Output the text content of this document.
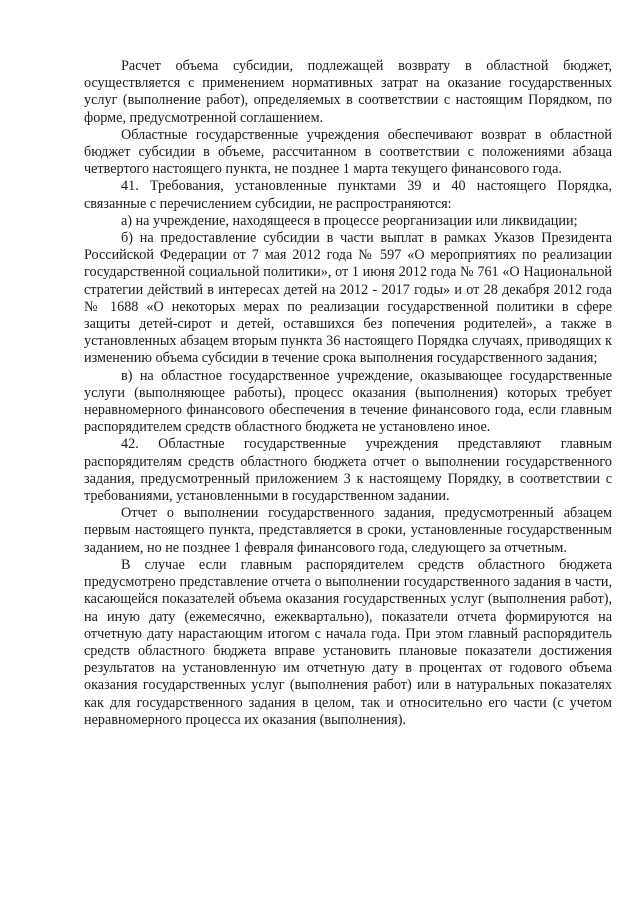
Расчет объема субсидии, подлежащей возврату в областной бюджет, осуществляется с применением нормативных затрат на оказание государственных услуг (выполнение работ), определяемых в соответствии с настоящим Порядком, по форме, предусмотренной соглашением.

Областные государственные учреждения обеспечивают возврат в областной бюджет субсидии в объеме, рассчитанном в соответствии с положениями абзаца четвертого настоящего пункта, не позднее 1 марта текущего финансового года.

41. Требования, установленные пунктами 39 и 40 настоящего Порядка, связанные с перечислением субсидии, не распространяются:

а) на учреждение, находящееся в процессе реорганизации или ликвидации;

б) на предоставление субсидии в части выплат в рамках Указов Президента Российской Федерации от 7 мая 2012 года № 597 «О мероприятиях по реализации государственной социальной политики», от 1 июня 2012 года № 761 «О Национальной стратегии действий в интересах детей на 2012 - 2017 годы» и от 28 декабря 2012 года № 1688 «О некоторых мерах по реализации государственной политики в сфере защиты детей-сирот и детей, оставшихся без попечения родителей», а также в установленных абзацем вторым пункта 36 настоящего Порядка случаях, приводящих к изменению объема субсидии в течение срока выполнения государственного задания;

в) на областное государственное учреждение, оказывающее государственные услуги (выполняющее работы), процесс оказания (выполнения) которых требует неравномерного финансового обеспечения в течение финансового года, если главным распорядителем средств областного бюджета не установлено иное.

42. Областные государственные учреждения представляют главным распорядителям средств областного бюджета отчет о выполнении государственного задания, предусмотренный приложением 3 к настоящему Порядку, в соответствии с требованиями, установленными в государственном задании.

Отчет о выполнении государственного задания, предусмотренный абзацем первым настоящего пункта, представляется в сроки, установленные государственным заданием, но не позднее 1 февраля финансового года, следующего за отчетным.

В случае если главным распорядителем средств областного бюджета предусмотрено представление отчета о выполнении государственного задания в части, касающейся показателей объема оказания государственных услуг (выполнения работ), на иную дату (ежемесячно, ежеквартально), показатели отчета формируются на отчетную дату нарастающим итогом с начала года. При этом главный распорядитель средств областного бюджета вправе установить плановые показатели достижения результатов на установленную им отчетную дату в процентах от годового объема оказания государственных услуг (выполнения работ) или в натуральных показателях как для государственного задания в целом, так и относительно его части (с учетом неравномерного процесса их оказания (выполнения).
